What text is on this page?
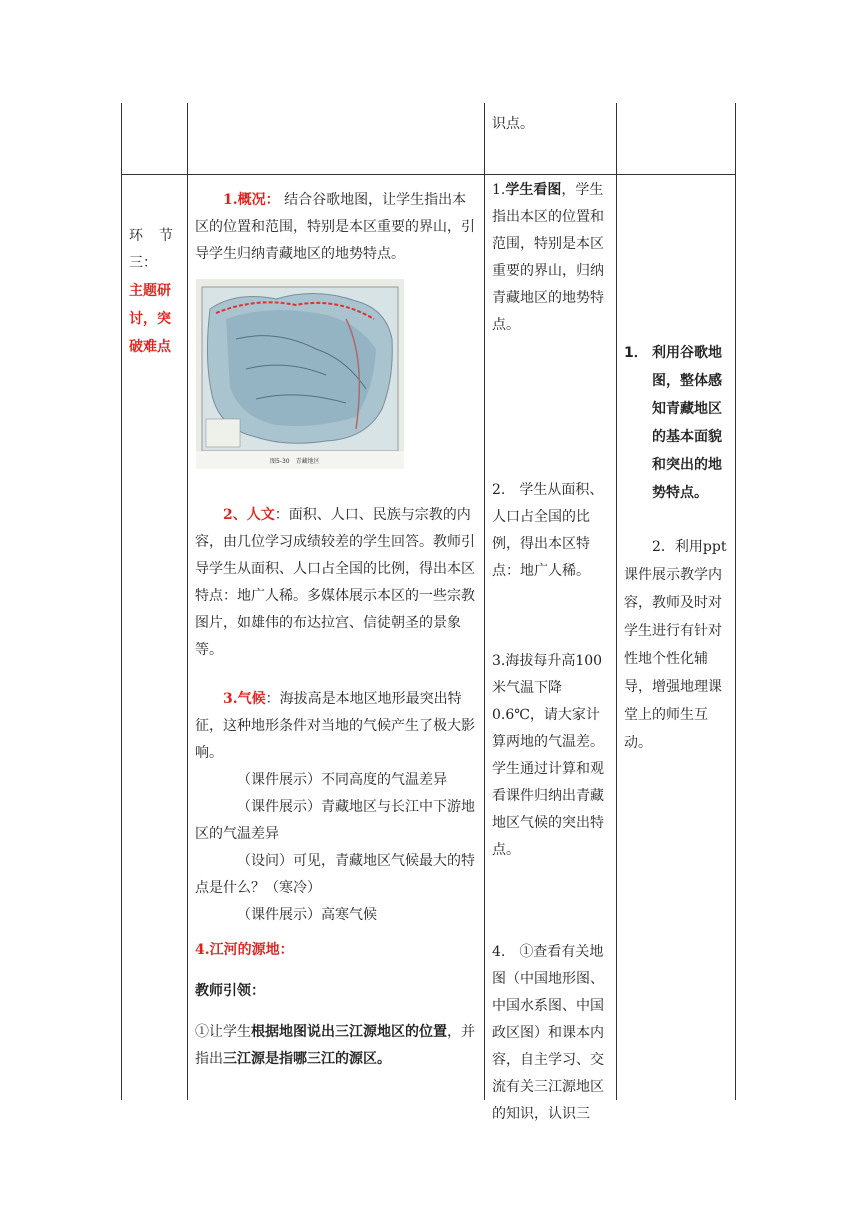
识点。

环　节

三：

主题研讨，突破难点

1.概况： 结合谷歌地图，让学生指出本区的位置和范围，特别是本区重要的界山，引导学生归纳青藏地区的地势特点。

图5-30　青藏地区

2、人文：面积、人口、民族与宗教的内容，由几位学习成绩较差的学生回答。教师引导学生从面积、人口占全国的比例，得出本区特点：地广人稀。多媒体展示本区的一些宗教图片，如雄伟的布达拉宫、信徒朝圣的景象等。

3.气候：海拔高是本地区地形最突出特征，这种地形条件对当地的气候产生了极大影响。

（课件展示）不同高度的气温差异

（课件展示）青藏地区与长江中下游地区的气温差异

（设问）可见，青藏地区气候最大的特点是什么？（寒冷）

（课件展示）高寒气候

4.江河的源地：

教师引领：

①让学生根据地图说出三江源地区的位置，并指出三江源是指哪三江的源区。

1.学生看图，学生指出本区的位置和范围，特别是本区重要的界山，归纳青藏地区的地势特点。

2.　学生从面积、人口占全国的比例，得出本区特点：地广人稀。

3.海拔每升高100米气温下降0.6℃，请大家计算两地的气温差。学生通过计算和观看课件归纳出青藏地区气候的突出特点。

4.　①查看有关地图（中国地形图、中国水系图、中国政区图）和课本内容，自主学习、交流有关三江源地区的知识，认识三

1． 利用谷歌地图，整体感知青藏地区的基本面貌和突出的地势特点。

2．利用ppt课件展示教学内容，教师及时对学生进行有针对性地个性化辅导，增强地理课堂上的师生互动。
